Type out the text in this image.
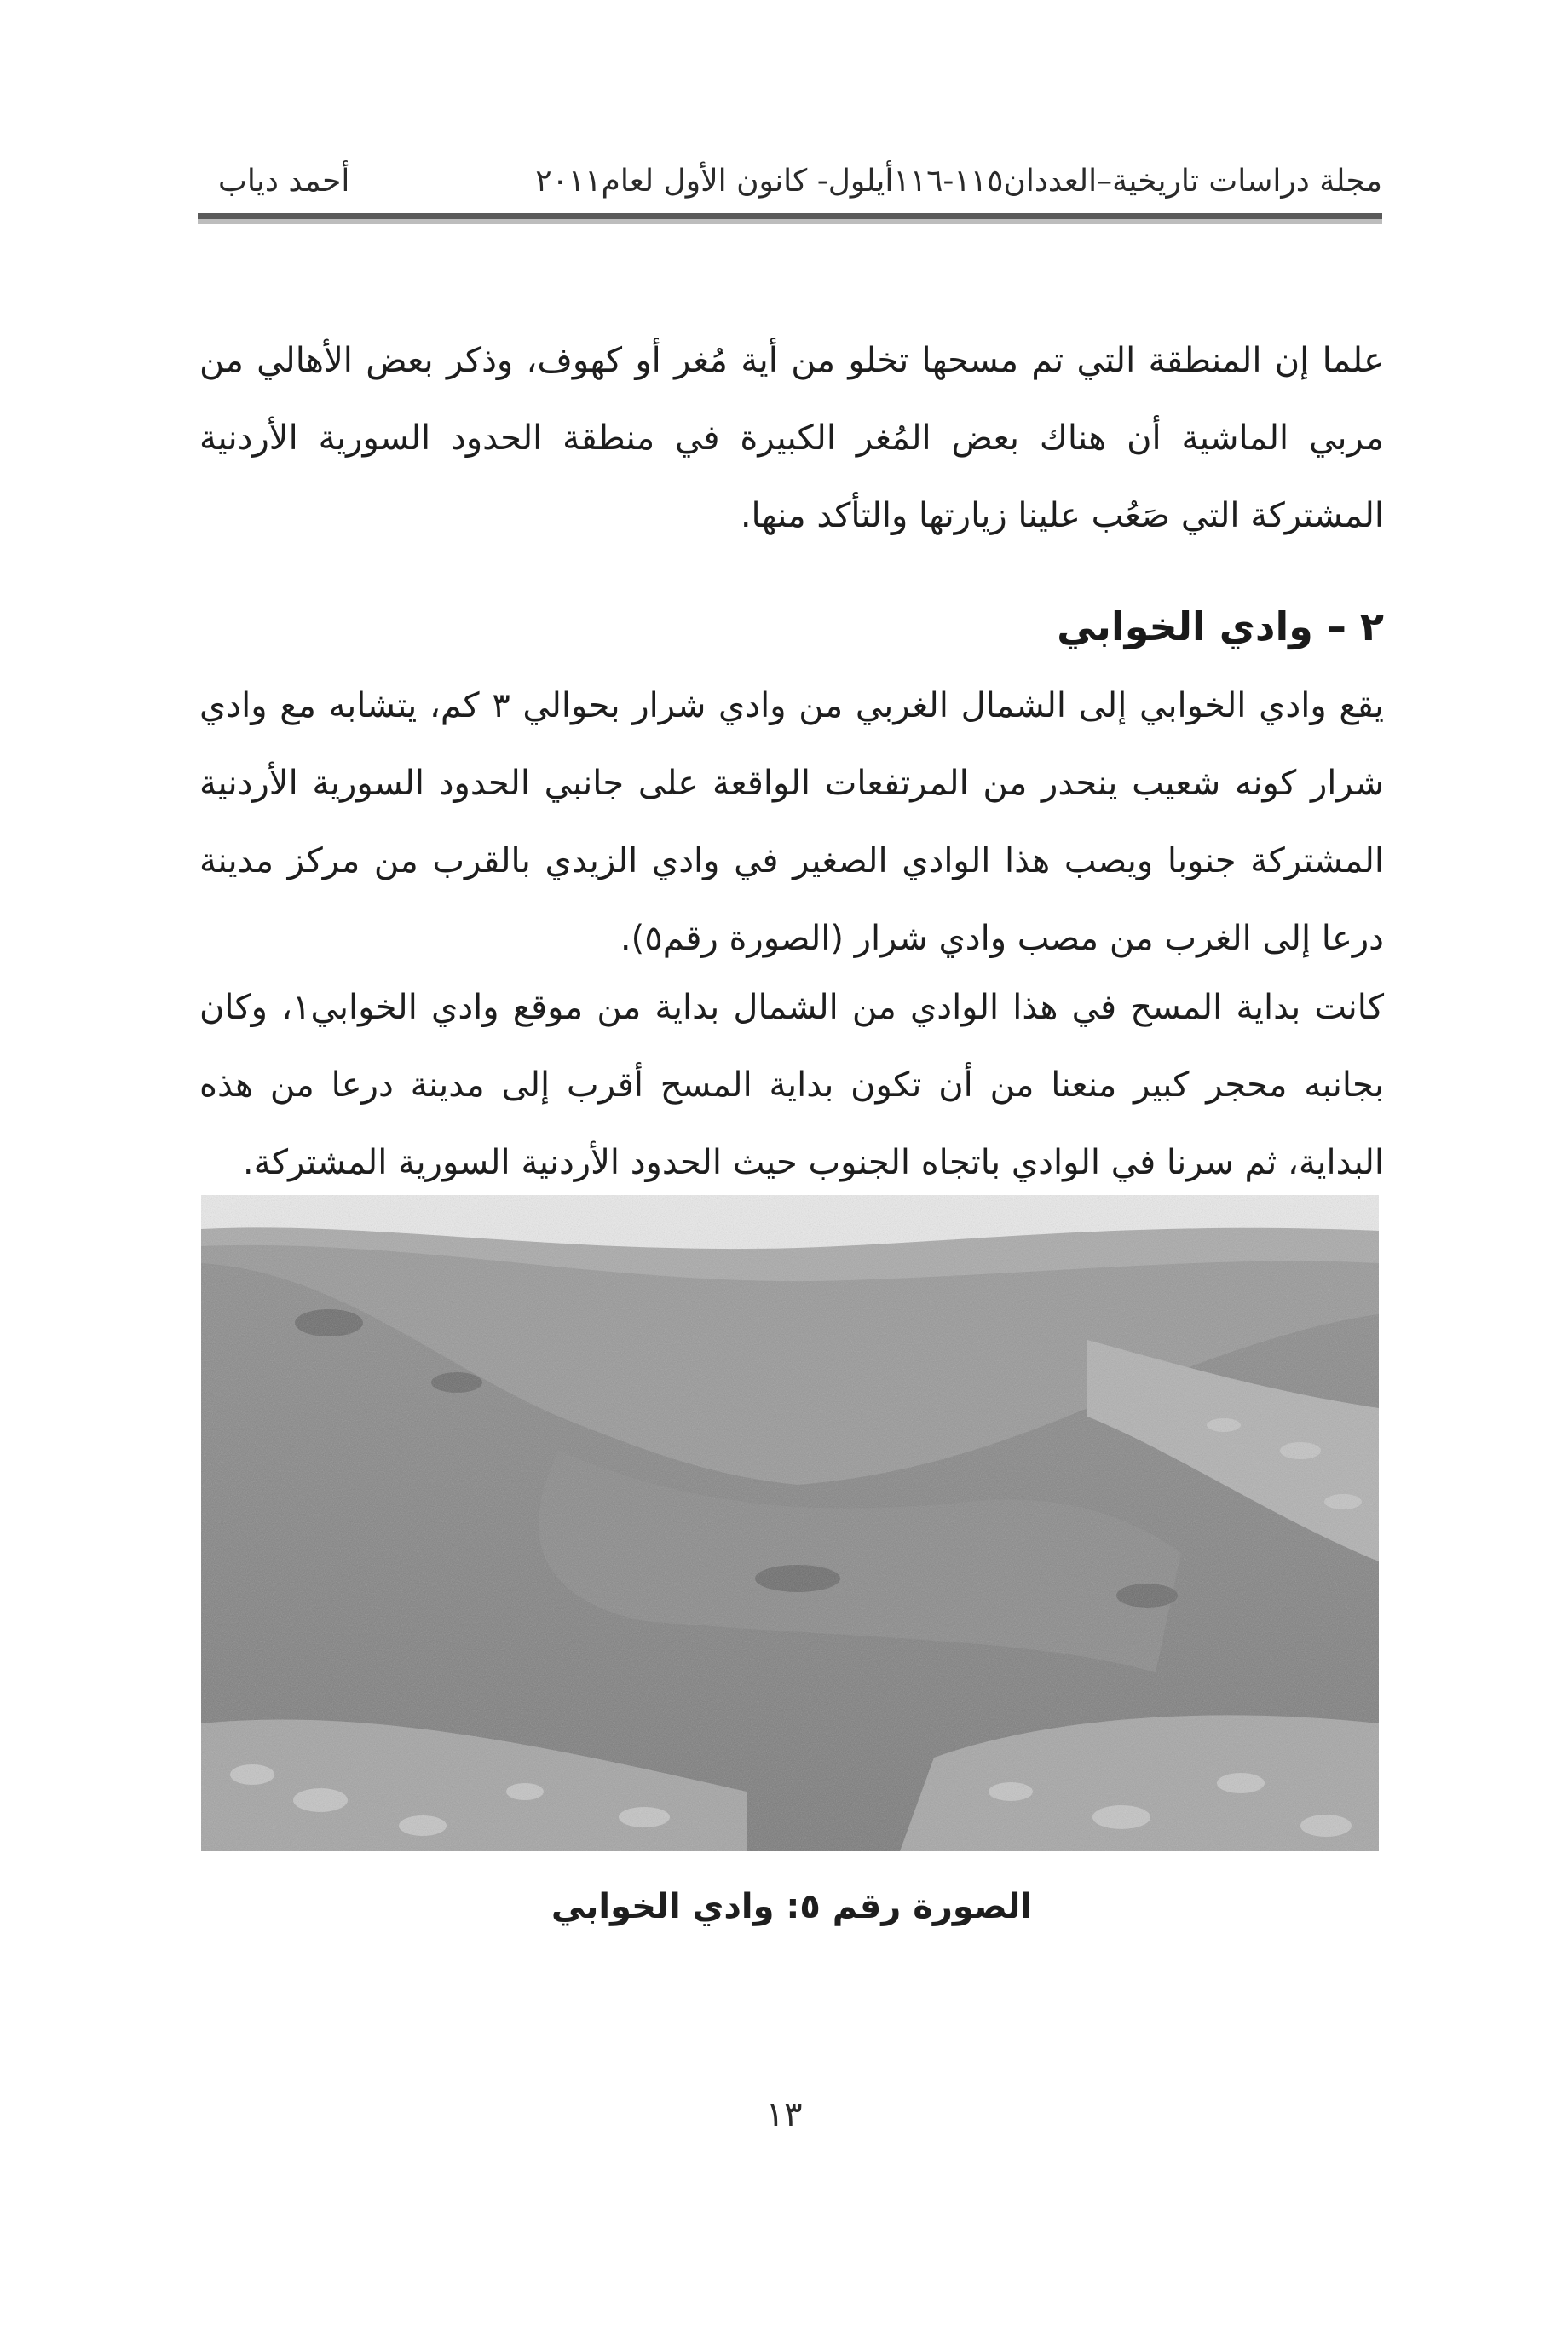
مجلة دراسات تاريخية–العددان١١٥-١١٦أيلول- كانون الأول لعام٢٠١١
أحمد دياب

علما إن المنطقة التي تم مسحها تخلو من أية مُغر أو كهوف، وذكر بعض الأهالي من مربي الماشية أن هناك بعض المُغر الكبيرة في منطقة الحدود السورية الأردنية المشتركة التي صَعُب علينا زيارتها والتأكد منها.

٢ – وادي الخوابي

يقع وادي الخوابي إلى الشمال الغربي من وادي شرار بحوالي ٣ كم، يتشابه مع وادي شرار كونه شعيب ينحدر من المرتفعات الواقعة على جانبي الحدود السورية الأردنية المشتركة جنوبا ويصب هذا الوادي الصغير في وادي الزيدي بالقرب من مركز مدينة درعا إلى الغرب من مصب وادي شرار (الصورة رقم٥).

كانت بداية المسح في هذا الوادي من الشمال بداية من موقع وادي الخوابي١، وكان بجانبه محجر كبير منعنا من أن تكون بداية المسح أقرب إلى مدينة درعا من هذه البداية، ثم سرنا في الوادي باتجاه الجنوب حيث الحدود الأردنية السورية المشتركة.

الصورة رقم ٥: وادي الخوابي
١٣
